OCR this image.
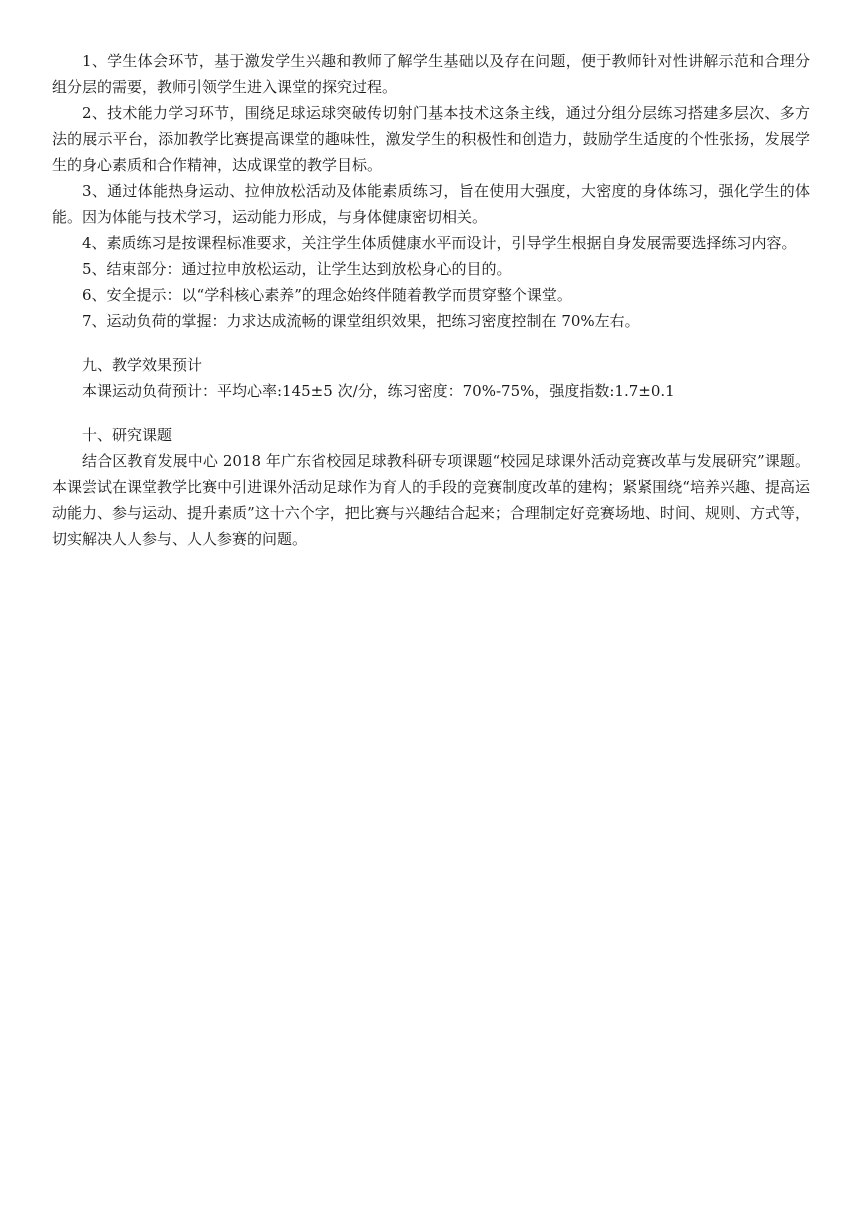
1、学生体会环节，基于激发学生兴趣和教师了解学生基础以及存在问题，便于教师针对性讲解示范和合理分组分层的需要，教师引领学生进入课堂的探究过程。

2、技术能力学习环节，围绕足球运球突破传切射门基本技术这条主线，通过分组分层练习搭建多层次、多方法的展示平台，添加教学比赛提高课堂的趣味性，激发学生的积极性和创造力，鼓励学生适度的个性张扬，发展学生的身心素质和合作精神，达成课堂的教学目标。

3、通过体能热身运动、拉伸放松活动及体能素质练习，旨在使用大强度，大密度的身体练习，强化学生的体能。因为体能与技术学习，运动能力形成，与身体健康密切相关。

4、素质练习是按课程标准要求，关注学生体质健康水平而设计，引导学生根据自身发展需要选择练习内容。

5、结束部分：通过拉申放松运动，让学生达到放松身心的目的。

6、安全提示：以“学科核心素养”的理念始终伴随着教学而贯穿整个课堂。

7、运动负荷的掌握：力求达成流畅的课堂组织效果，把练习密度控制在 70%左右。

九、教学效果预计

本课运动负荷预计：平均心率:145±5 次/分，练习密度：70%-75%，强度指数:1.7±0.1

十、研究课题

结合区教育发展中心 2018 年广东省校园足球教科研专项课题“校园足球课外活动竞赛改革与发展研究”课题。本课尝试在课堂教学比赛中引进课外活动足球作为育人的手段的竞赛制度改革的建构；紧紧围绕“培养兴趣、提高运动能力、参与运动、提升素质”这十六个字，把比赛与兴趣结合起来；合理制定好竞赛场地、时间、规则、方式等，切实解决人人参与、人人参赛的问题。
